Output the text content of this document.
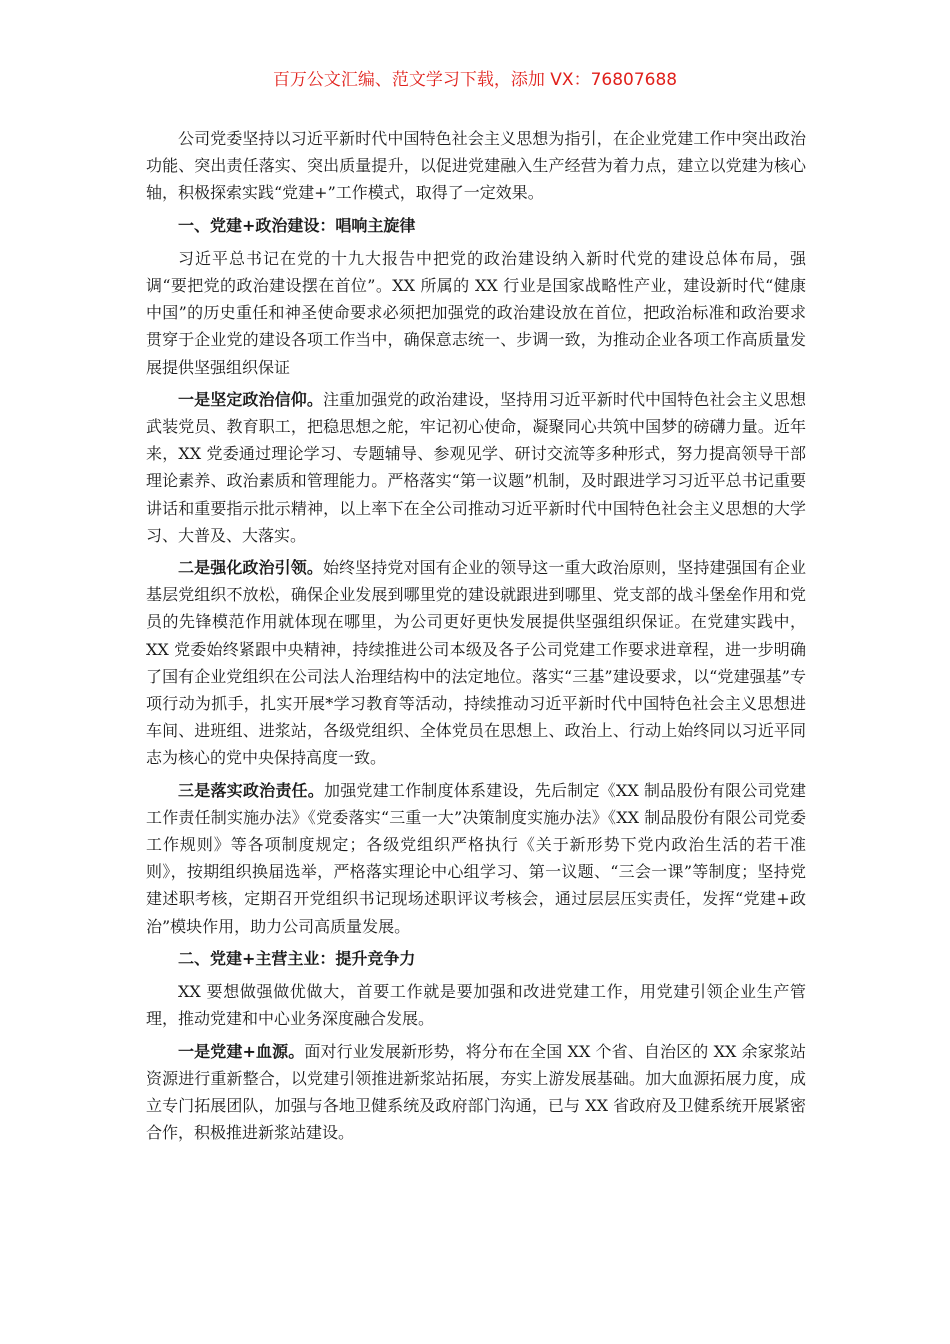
百万公文汇编、范文学习下载，添加 VX：76807688

公司党委坚持以习近平新时代中国特色社会主义思想为指引，在企业党建工作中突出政治功能、突出责任落实、突出质量提升，以促进党建融入生产经营为着力点，建立以党建为核心轴，积极探索实践“党建+”工作模式，取得了一定效果。

一、党建+政治建设：唱响主旋律

习近平总书记在党的十九大报告中把党的政治建设纳入新时代党的建设总体布局，强调“要把党的政治建设摆在首位”。XX 所属的 XX 行业是国家战略性产业，建设新时代“健康中国”的历史重任和神圣使命要求必须把加强党的政治建设放在首位，把政治标准和政治要求贯穿于企业党的建设各项工作当中，确保意志统一、步调一致，为推动企业各项工作高质量发展提供坚强组织保证

一是坚定政治信仰。注重加强党的政治建设，坚持用习近平新时代中国特色社会主义思想武装党员、教育职工，把稳思想之舵，牢记初心使命，凝聚同心共筑中国梦的磅礴力量。近年来，XX 党委通过理论学习、专题辅导、参观见学、研讨交流等多种形式，努力提高领导干部理论素养、政治素质和管理能力。严格落实“第一议题”机制，及时跟进学习习近平总书记重要讲话和重要指示批示精神，以上率下在全公司推动习近平新时代中国特色社会主义思想的大学习、大普及、大落实。

二是强化政治引领。始终坚持党对国有企业的领导这一重大政治原则，坚持建强国有企业基层党组织不放松，确保企业发展到哪里党的建设就跟进到哪里、党支部的战斗堡垒作用和党员的先锋模范作用就体现在哪里，为公司更好更快发展提供坚强组织保证。在党建实践中，XX 党委始终紧跟中央精神，持续推进公司本级及各子公司党建工作要求进章程，进一步明确了国有企业党组织在公司法人治理结构中的法定地位。落实“三基”建设要求，以“党建强基”专项行动为抓手，扎实开展*学习教育等活动，持续推动习近平新时代中国特色社会主义思想进车间、进班组、进浆站，各级党组织、全体党员在思想上、政治上、行动上始终同以习近平同志为核心的党中央保持高度一致。

三是落实政治责任。加强党建工作制度体系建设，先后制定《XX 制品股份有限公司党建工作责任制实施办法》《党委落实“三重一大”决策制度实施办法》《XX 制品股份有限公司党委工作规则》等各项制度规定；各级党组织严格执行《关于新形势下党内政治生活的若干准则》，按期组织换届选举，严格落实理论中心组学习、第一议题、“三会一课”等制度；坚持党建述职考核，定期召开党组织书记现场述职评议考核会，通过层层压实责任，发挥“党建+政治”模块作用，助力公司高质量发展。

二、党建+主营主业：提升竞争力

XX 要想做强做优做大，首要工作就是要加强和改进党建工作，用党建引领企业生产管理，推动党建和中心业务深度融合发展。

一是党建+血源。面对行业发展新形势，将分布在全国 XX 个省、自治区的 XX 余家浆站资源进行重新整合，以党建引领推进新浆站拓展，夯实上游发展基础。加大血源拓展力度，成立专门拓展团队，加强与各地卫健系统及政府部门沟通，已与 XX 省政府及卫健系统开展紧密合作，积极推进新浆站建设。
